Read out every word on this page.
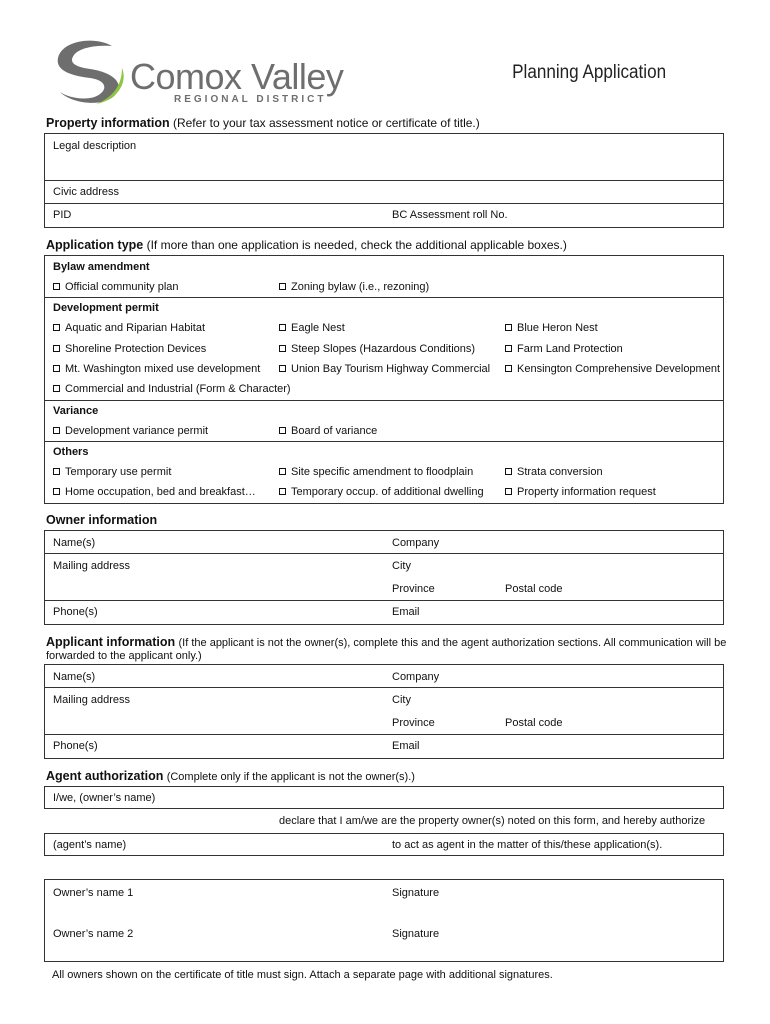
Comox Valley
REGIONAL DISTRICT
Planning Application
Property information (Refer to your tax assessment notice or certificate of title.)
Legal description
Civic address
PID	BC Assessment roll No.
Application type (If more than one application is needed, check the additional applicable boxes.)
Bylaw amendment
Official community plan	Zoning bylaw (i.e., rezoning)
Development permit
Aquatic and Riparian Habitat	Eagle Nest	Blue Heron Nest
Shoreline Protection Devices	Steep Slopes (Hazardous Conditions)	Farm Land Protection
Mt. Washington mixed use development	Union Bay Tourism Highway Commercial	Kensington Comprehensive Development
Commercial and Industrial (Form & Character)
Variance
Development variance permit	Board of variance
Others
Temporary use permit	Site specific amendment to floodplain	Strata conversion
Home occupation, bed and breakfast…	Temporary occup. of additional dwelling	Property information request
Owner information
Name(s)	Company
Mailing address	City
Province	Postal code
Phone(s)	Email
Applicant information (If the applicant is not the owner(s), complete this and the agent authorization sections. All communication will be
forwarded to the applicant only.)
Name(s)	Company
Mailing address	City
Province	Postal code
Phone(s)	Email
Agent authorization (Complete only if the applicant is not the owner(s).)
I/we, (owner’s name)
declare that I am/we are the property owner(s) noted on this form, and hereby authorize
(agent’s name)	to act as agent in the matter of this/these application(s).
Owner’s name 1	Signature
Owner’s name 2	Signature
All owners shown on the certificate of title must sign. Attach a separate page with additional signatures.
